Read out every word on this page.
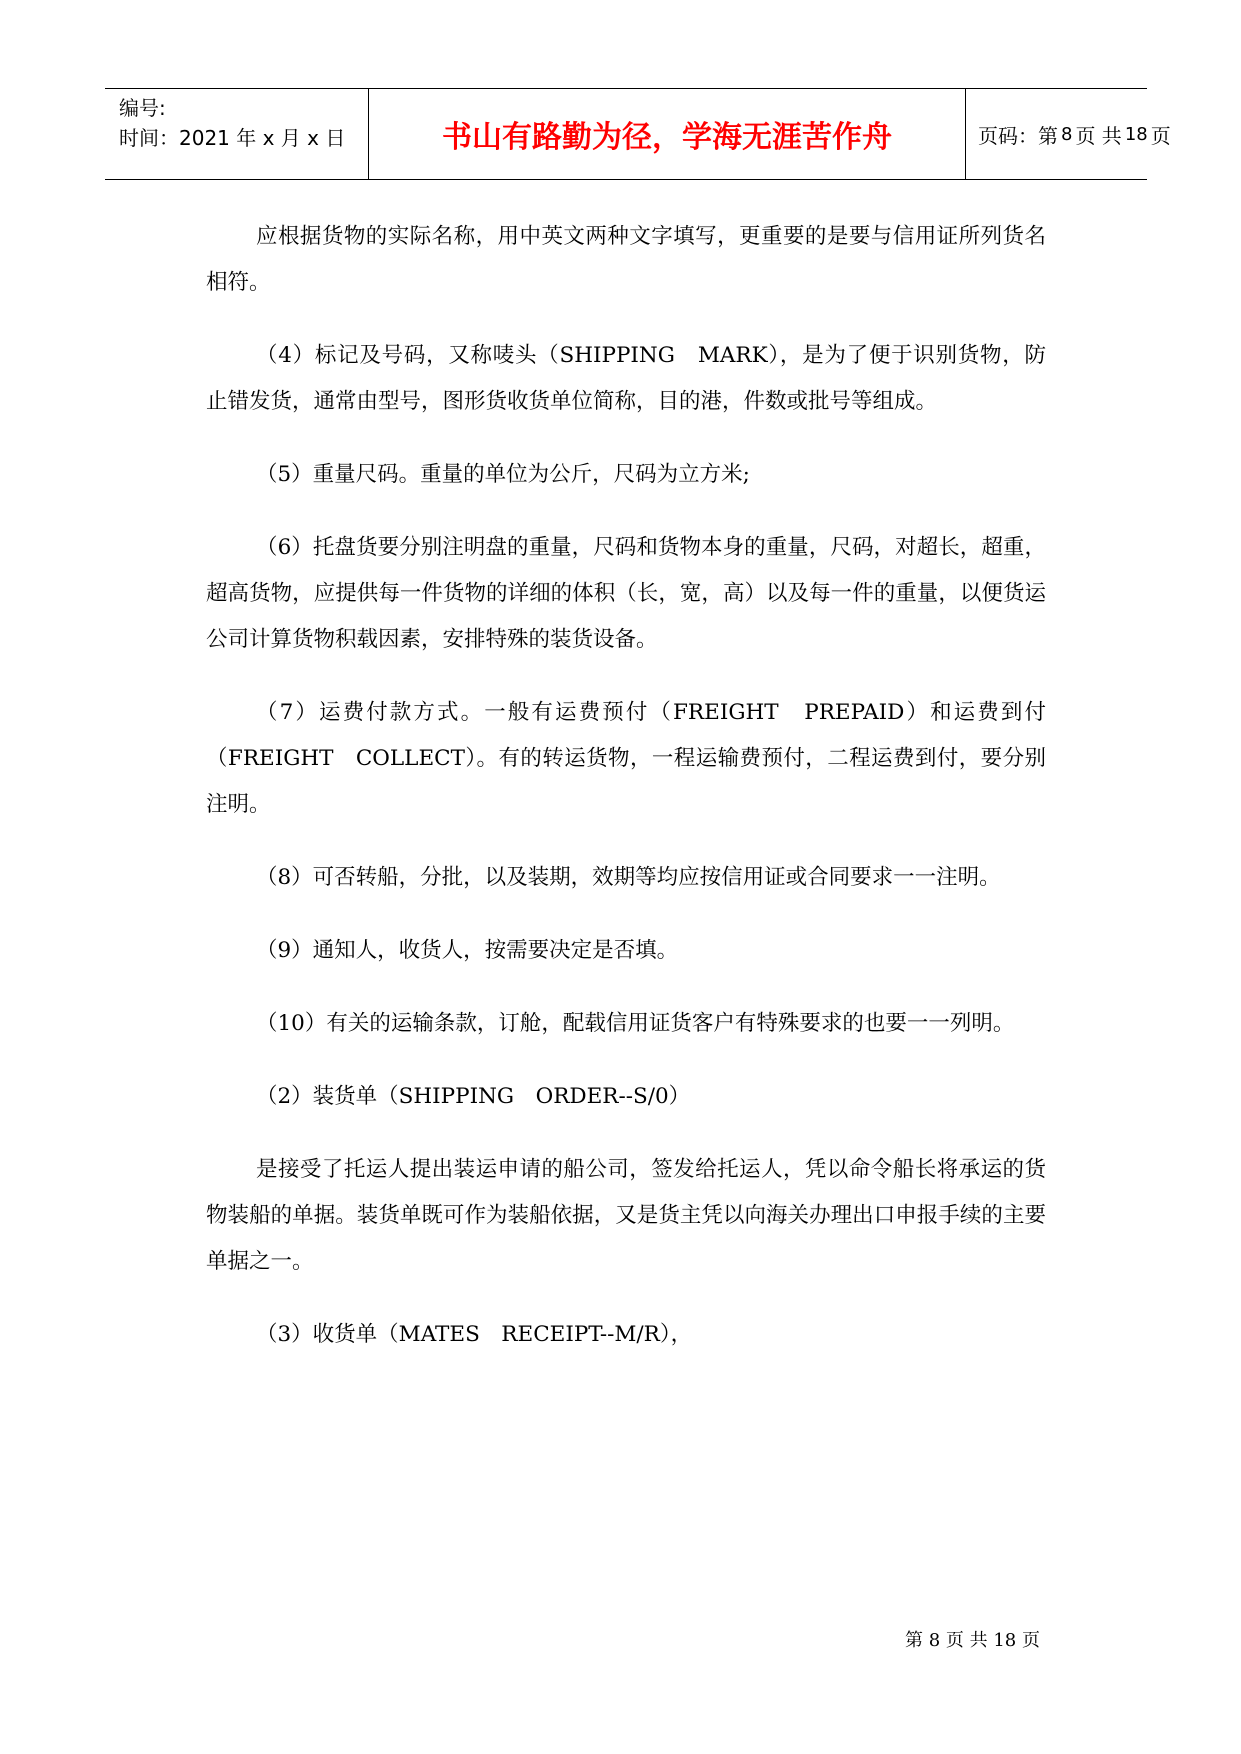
编号:
时间：2021 年 x 月 x 日	书山有路勤为径，学海无涯苦作舟	页码：第 8 页 共 18 页

应根据货物的实际名称，用中英文两种文字填写，更重要的是要与信用证所列货名相符。

（4）标记及号码，又称唛头（SHIPPING　MARK），是为了便于识别货物，防止错发货，通常由型号，图形货收货单位简称，目的港，件数或批号等组成。

（5）重量尺码。重量的单位为公斤，尺码为立方米;

（6）托盘货要分别注明盘的重量，尺码和货物本身的重量，尺码，对超长，超重，超高货物，应提供每一件货物的详细的体积（长，宽，高）以及每一件的重量，以便货运公司计算货物积载因素，安排特殊的装货设备。

（7）运费付款方式。一般有运费预付（FREIGHT　PREPAID）和运费到付（FREIGHT　COLLECT）。有的转运货物，一程运输费预付，二程运费到付，要分别注明。

（8）可否转船，分批，以及装期，效期等均应按信用证或合同要求一一注明。

（9）通知人，收货人，按需要决定是否填。

（10）有关的运输条款，订舱，配载信用证货客户有特殊要求的也要一一列明。

（2）装货单（SHIPPING　ORDER--S/0）

是接受了托运人提出装运申请的船公司，签发给托运人，凭以命令船长将承运的货物装船的单据。装货单既可作为装船依据，又是货主凭以向海关办理出口申报手续的主要单据之一。

（3）收货单（MATES　RECEIPT--M/R），

第 8 页 共 18 页
